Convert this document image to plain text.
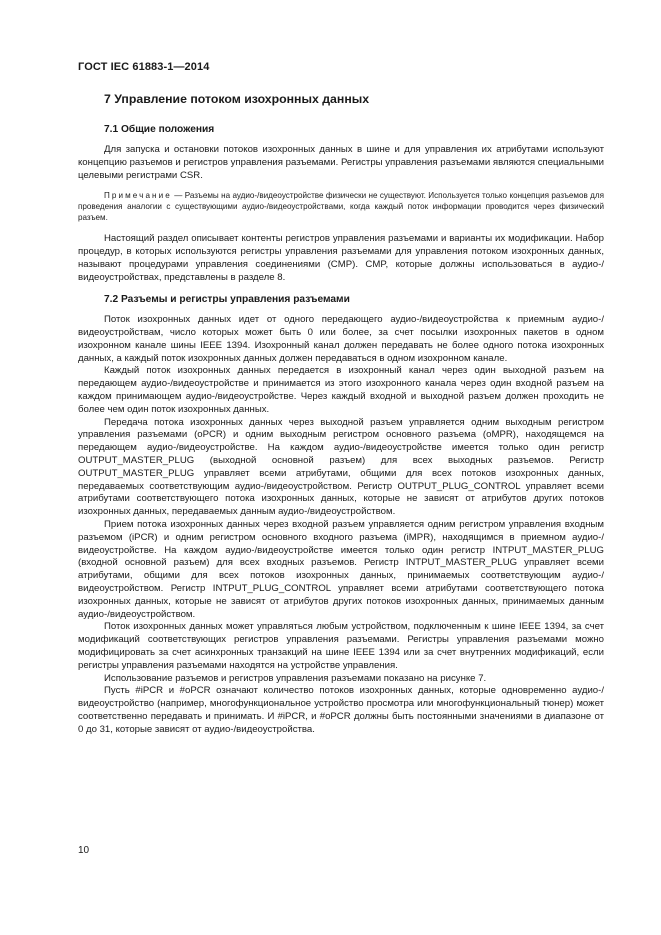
ГОСТ IEC 61883-1—2014
7 Управление потоком изохронных данных
7.1 Общие положения

Для запуска и остановки потоков изохронных данных в шине и для управления их атрибутами используют концепцию разъемов и регистров управления разъемами. Регистры управления разъемами являются специальными целевыми регистрами CSR.

Примечание — Разъемы на аудио-/видеоустройстве физически не существуют. Используется только концепция разъемов для проведения аналогии с существующими аудио-/видеоустройствами, когда каждый поток информации проводится через физический разъем.

Настоящий раздел описывает контенты регистров управления разъемами и варианты их модификации. Набор процедур, в которых используются регистры управления разъемами для управления потоком изохронных данных, называют процедурами управления соединениями (CMP). CMP, которые должны использоваться в аудио-/видеоустройствах, представлены в разделе 8.

7.2 Разъемы и регистры управления разъемами

Поток изохронных данных идет от одного передающего аудио-/видеоустройства к приемным аудио-/видеоустройствам, число которых может быть 0 или более, за счет посылки изохронных пакетов в одном изохронном канале шины IEEE 1394. Изохронный канал должен передавать не более одного потока изохронных данных, а каждый поток изохронных данных должен передаваться в одном изохронном канале.

Каждый поток изохронных данных передается в изохронный канал через один выходной разъем на передающем аудио-/видеоустройстве и принимается из этого изохронного канала через один входной разъем на каждом принимающем аудио-/видеоустройстве. Через каждый входной и выходной разъем должен проходить не более чем один поток изохронных данных.

Передача потока изохронных данных через выходной разъем управляется одним выходным регистром управления разъемами (oPCR) и одним выходным регистром основного разъема (oMPR), находящемся на передающем аудио-/видеоустройстве. На каждом аудио-/видеоустройстве имеется только один регистр OUTPUT_MASTER_PLUG (выходной основной разъем) для всех выходных разъемов. Регистр OUTPUT_MASTER_PLUG управляет всеми атрибутами, общими для всех потоков изохронных данных, передаваемых соответствующим аудио-/видеоустройством. Регистр OUTPUT_PLUG_CONTROL управляет всеми атрибутами соответствующего потока изохронных данных, которые не зависят от атрибутов других потоков изохронных данных, передаваемых данным аудио-/видеоустройством.

Прием потока изохронных данных через входной разъем управляется одним регистром управления входным разъемом (iPCR) и одним регистром основного входного разъема (iMPR), находящимся в приемном аудио-/видеоустройстве. На каждом аудио-/видеоустройстве имеется только один регистр INTPUT_MASTER_PLUG (входной основной разъем) для всех входных разъемов. Регистр INTPUT_MASTER_PLUG управляет всеми атрибутами, общими для всех потоков изохронных данных, принимаемых соответствующим аудио-/видеоустройством. Регистр INTPUT_PLUG_CONTROL управляет всеми атрибутами соответствующего потока изохронных данных, которые не зависят от атрибутов других потоков изохронных данных, принимаемых данным аудио-/видеоустройством.

Поток изохронных данных может управляться любым устройством, подключенным к шине IEEE 1394, за счет модификаций соответствующих регистров управления разъемами. Регистры управления разъемами можно модифицировать за счет асинхронных транзакций на шине IEEE 1394 или за счет внутренних модификаций, если регистры управления разъемами находятся на устройстве управления.

Использование разъемов и регистров управления разъемами показано на рисунке 7.

Пусть #iPCR и #oPCR означают количество потоков изохронных данных, которые одновременно аудио-/видеоустройство (например, многофункциональное устройство просмотра или многофункциональный тюнер) может соответственно передавать и принимать. И #iPCR, и #oPCR должны быть постоянными значениями в диапазоне от 0 до 31, которые зависят от аудио-/видеоустройства.

10
